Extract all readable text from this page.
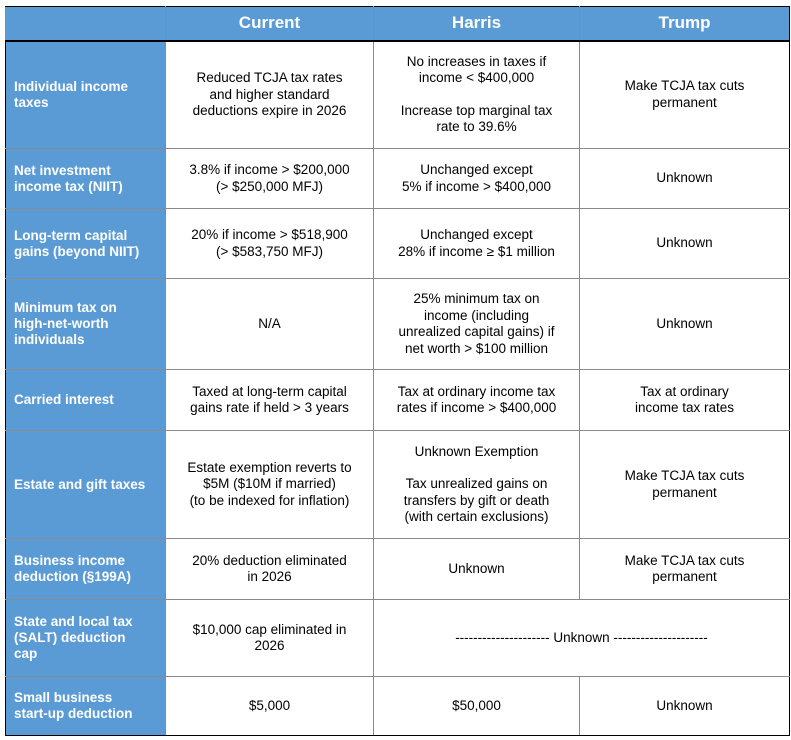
	Current	Harris	Trump

Individual income
taxes	Reduced TCJA tax rates
and higher standard
deductions expire in 2026	No increases in taxes if
income < $400,000
Increase top marginal tax
rate to 39.6%	Make TCJA tax cuts
permanent

Net investment
income tax (NIIT)	3.8% if income > $200,000
(> $250,000 MFJ)	Unchanged except
5% if income > $400,000	Unknown

Long-term capital
gains (beyond NIIT)	20% if income > $518,900
(> $583,750 MFJ)	Unchanged except
28% if income ≥ $1 million	Unknown

Minimum tax on
high-net-worth
individuals	N/A	25% minimum tax on
income (including
unrealized capital gains) if
net worth > $100 million	Unknown

Carried interest	Taxed at long-term capital
gains rate if held > 3 years	Tax at ordinary income tax
rates if income > $400,000	Tax at ordinary
income tax rates

Estate and gift taxes	Estate exemption reverts to
$5M ($10M if married)
(to be indexed for inflation)	Unknown Exemption
Tax unrealized gains on
transfers by gift or death
(with certain exclusions)	Make TCJA tax cuts
permanent

Business income
deduction (§199A)	20% deduction eliminated
in 2026	Unknown	Make TCJA tax cuts
permanent

State and local tax
(SALT) deduction
cap	$10,000 cap eliminated in
2026	--------------------- Unknown ---------------------	

Small business
start-up deduction	$5,000	$50,000	Unknown
